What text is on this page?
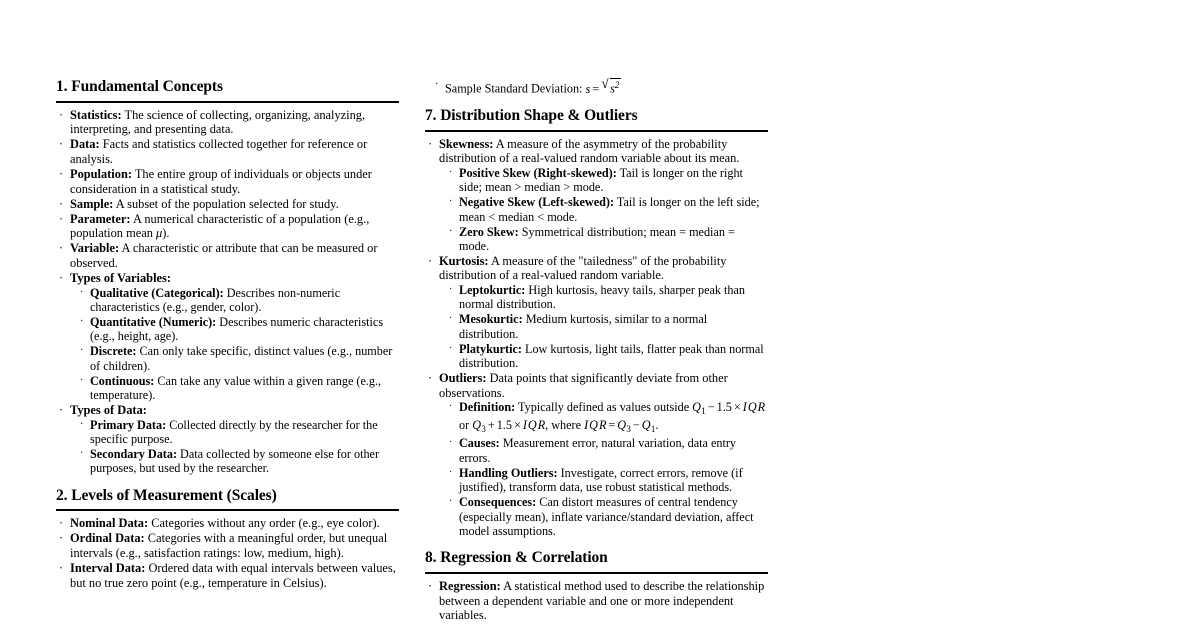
1. Fundamental Concepts
· Statistics: The science of collecting, organizing, analyzing, interpreting, and presenting data.
· Data: Facts and statistics collected together for reference or analysis.
· Population: The entire group of individuals or objects under consideration in a statistical study.
· Sample: A subset of the population selected for study.
· Parameter: A numerical characteristic of a population (e.g., population mean μ).
· Variable: A characteristic or attribute that can be measured or observed.
· Types of Variables:
· Qualitative (Categorical): Describes non-numeric characteristics (e.g., gender, color).
· Quantitative (Numeric): Describes numeric characteristics (e.g., height, age).
· Discrete: Can only take specific, distinct values (e.g., number of children).
· Continuous: Can take any value within a given range (e.g., temperature).
· Types of Data:
· Primary Data: Collected directly by the researcher for the specific purpose.
· Secondary Data: Data collected by someone else for other purposes, but used by the researcher.
2. Levels of Measurement (Scales)
· Nominal Data: Categories without any order (e.g., eye color).
· Ordinal Data: Categories with a meaningful order, but unequal intervals (e.g., satisfaction ratings: low, medium, high).
· Interval Data: Ordered data with equal intervals between values, but no true zero point (e.g., temperature in Celsius).
· Sample Standard Deviation: s = √ $s^2$
7. Distribution Shape & Outliers
· Skewness: A measure of the asymmetry of the probability distribution of a real-valued random variable about its mean.
· Positive Skew (Right-skewed): Tail is longer on the right side; mean > median > mode.
· Negative Skew (Left-skewed): Tail is longer on the left side; mean < median < mode.
· Zero Skew: Symmetrical distribution; mean = median = mode.
· Kurtosis: A measure of the "tailedness" of the probability distribution of a real-valued random variable.
· Leptokurtic: High kurtosis, heavy tails, sharper peak than normal distribution.
· Mesokurtic: Medium kurtosis, similar to a normal distribution.
· Platykurtic: Low kurtosis, light tails, flatter peak than normal distribution.
· Outliers: Data points that significantly deviate from other observations.
· Definition: Typically defined as values outside $Q_1 - 1.5 \times I$ Q R or $Q_3 + 1.5 \times I$ Q R, where I Q $R = Q_3 - Q_1$.
· Causes: Measurement error, natural variation, data entry errors.
· Handling Outliers: Investigate, correct errors, remove (if justified), transform data, use robust statistical methods.
· Consequences: Can distort measures of central tendency (especially mean), inflate variance/standard deviation, affect model assumptions.
8. Regression & Correlation
· Regression: A statistical method used to describe the relationship between a dependent variable and one or more independent variables.
